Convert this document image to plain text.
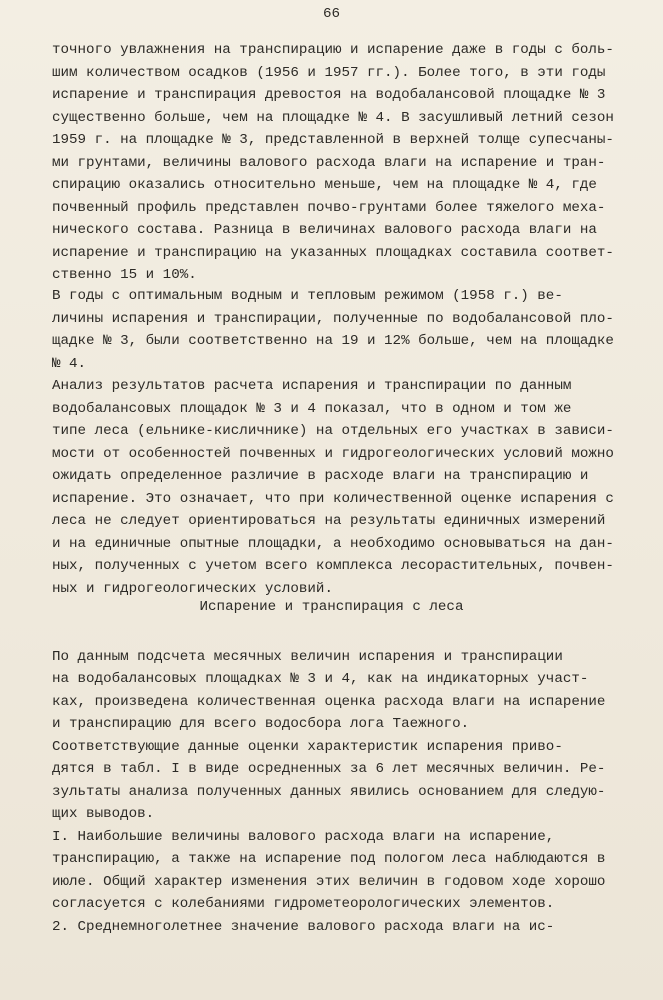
66
точного увлажнения на транспирацию и испарение даже в годы с боль-
шим количеством осадков (1956 и 1957 гг.). Более того, в эти годы
испарение и транспирация древостоя на водобалансовой площадке № 3
существенно больше, чем на площадке № 4. В засушливый летний сезон
1959 г. на площадке № 3, представленной в верхней толще супесчаны-
ми грунтами, величины валового расхода влаги на испарение и тран-
спирацию оказались относительно меньше, чем на площадке № 4, где
почвенный профиль представлен почво-грунтами более тяжелого меха-
нического состава. Разница в величинах валового расхода влаги на
испарение и транспирацию на указанных площадках составила соответ-
ственно 15 и 10%.
В годы с оптимальным водным и тепловым режимом (1958 г.) ве-
личины испарения и транспирации, полученные по водобалансовой пло-
щадке № 3, были соответственно на 19 и 12% больше, чем на площадке
№ 4.
Анализ результатов расчета испарения и транспирации по данным
водобалансовых площадок № 3 и 4 показал, что в одном и том же
типе леса (ельнике-кисличнике) на отдельных его участках в зависи-
мости от особенностей почвенных и гидрогеологических условий можно
ожидать определенное различие в расходе влаги на транспирацию и
испарение. Это означает, что при количественной оценке испарения с
леса не следует ориентироваться на результаты единичных измерений
и на единичные опытные площадки, а необходимо основываться на дан-
ных, полученных с учетом всего комплекса лесорастительных, почвен-
ных и гидрогеологических условий.
Испарение и транспирация с леса
По данным подсчета месячных величин испарения и транспирации
на водобалансовых площадках № 3 и 4, как на индикаторных участ-
ках, произведена количественная оценка расхода влаги на испарение
и транспирацию для всего водосбора лога Таежного.
Соответствующие данные оценки характеристик испарения приво-
дятся в табл. I в виде осредненных за 6 лет месячных величин. Ре-
зультаты анализа полученных данных явились основанием для следую-
щих выводов.
I. Наибольшие величины валового расхода влаги на испарение,
транспирацию, а также на испарение под пологом леса наблюдаются в
июле. Общий характер изменения этих величин в годовом ходе хорошо
согласуется с колебаниями гидрометеорологических элементов.
2. Среднемноголетнее значение валового расхода влаги на ис-
